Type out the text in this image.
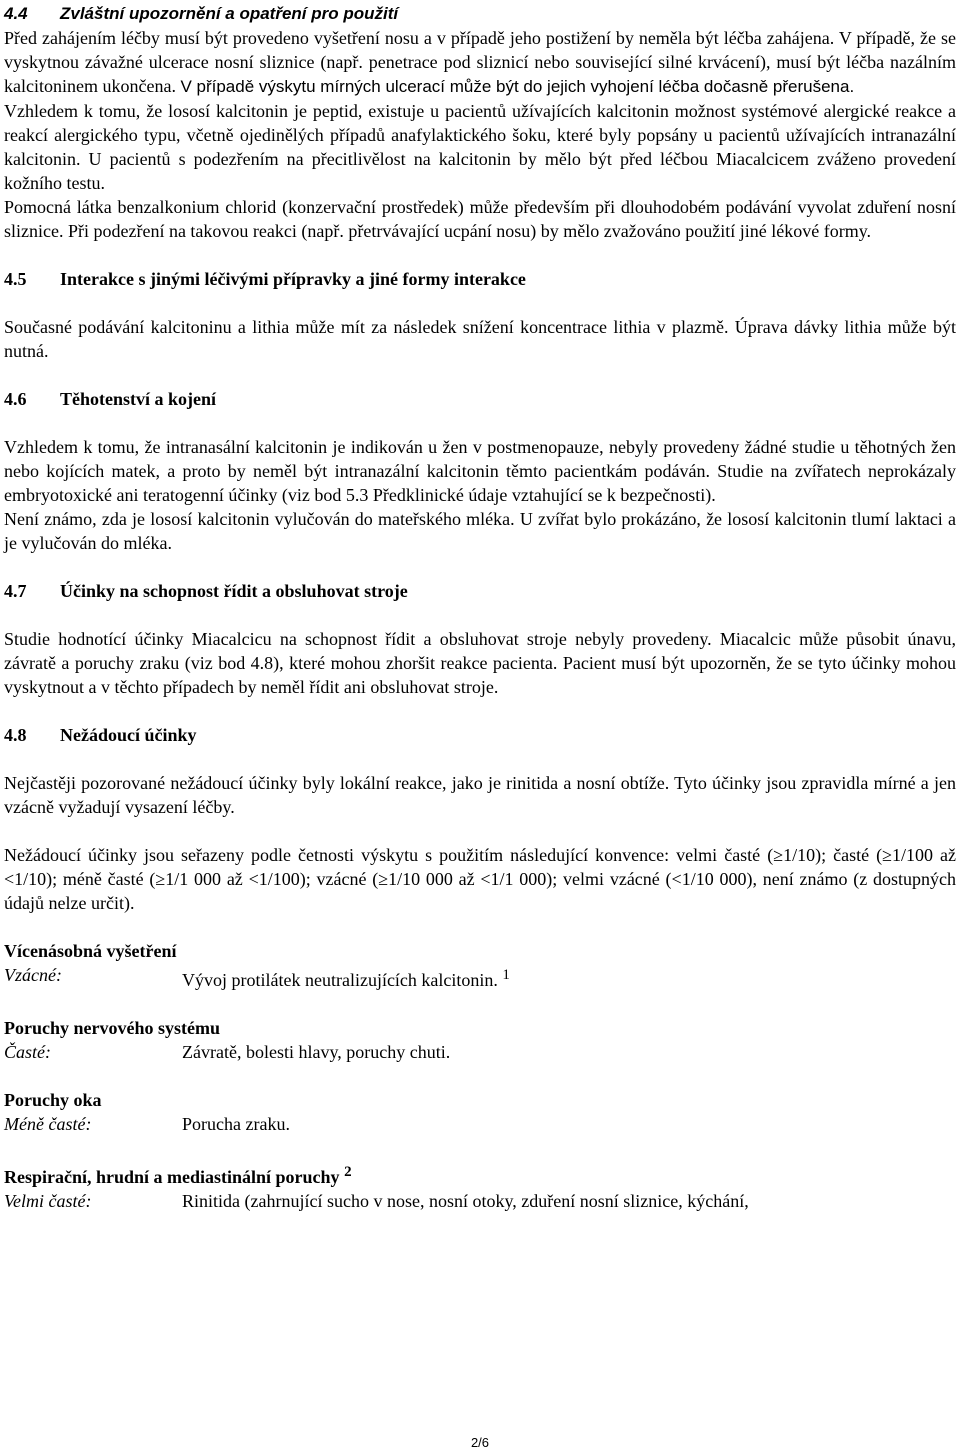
4.4	Zvláštní upozornění a opatření pro použití

Před zahájením léčby musí být provedeno vyšetření nosu a v případě jeho postižení by neměla být léčba zahájena. V případě, že se vyskytnou závažné ulcerace nosní sliznice (např. penetrace pod sliznicí nebo související silné krvácení), musí být léčba nazálním kalcitoninem ukončena. V případě výskytu mírných ulcerací může být do jejich vyhojení léčba dočasně přerušena.

Vzhledem k tomu, že lososí kalcitonin je peptid, existuje u pacientů užívajících kalcitonin možnost systémové alergické reakce a reakcí alergického typu, včetně ojedinělých případů anafylaktického šoku, které byly popsány u pacientů užívajících intranazální kalcitonin. U pacientů s podezřením na přecitlivělost na kalcitonin by mělo být před léčbou Miacalcicem zváženo provedení kožního testu.

Pomocná látka benzalkonium chlorid (konzervační prostředek) může především při dlouhodobém podávání vyvolat zduření nosní sliznice. Při podezření na takovou reakci (např. přetrvávající ucpání nosu) by mělo zvažováno použití jiné lékové formy.

4.5	Interakce s jinými léčivými přípravky a jiné formy interakce

Současné podávání kalcitoninu a lithia může mít za následek snížení koncentrace lithia v plazmě. Úprava dávky lithia může být nutná.

4.6	Těhotenství a kojení

Vzhledem k tomu, že intranasální kalcitonin je indikován u žen v postmenopauze, nebyly provedeny žádné studie u těhotných žen nebo kojících matek, a proto by neměl být intranazální kalcitonin těmto pacientkám podáván. Studie na zvířatech neprokázaly embryotoxické ani teratogenní účinky (viz bod 5.3 Předklinické údaje vztahující se k bezpečnosti).

Není známo, zda je lososí kalcitonin vylučován do mateřského mléka. U zvířat bylo prokázáno, že lososí kalcitonin tlumí laktaci a je vylučován do mléka.

4.7	Účinky na schopnost řídit a obsluhovat stroje

Studie hodnotící účinky Miacalcicu na schopnost řídit a obsluhovat stroje nebyly provedeny. Miacalcic může působit únavu, závratě a poruchy zraku (viz bod 4.8), které mohou zhoršit reakce pacienta. Pacient musí být upozorněn, že se tyto účinky mohou vyskytnout a v těchto případech by neměl řídit ani obsluhovat stroje.

4.8	Nežádoucí účinky

Nejčastěji pozorované nežádoucí účinky byly lokální reakce, jako je rinitida a nosní obtíže. Tyto účinky jsou zpravidla mírné a jen vzácně vyžadují vysazení léčby.

Nežádoucí účinky jsou seřazeny podle četnosti výskytu s použitím následující konvence: velmi časté (≥1/10); časté (≥1/100 až <1/10); méně časté (≥1/1 000 až <1/100); vzácné (≥1/10 000 až <1/1 000); velmi vzácné (<1/10 000), není známo (z dostupných údajů nelze určit).

Vícenásobná vyšetření
Vzácné:	Vývoj protilátek neutralizujících kalcitonin. $^1$
Poruchy nervového systému
Časté:	Závratě, bolesti hlavy, poruchy chuti.
Poruchy oka
Méně časté:	Porucha zraku.
Respirační, hrudní a mediastinální poruchy $^2$
Velmi časté:	Rinitida (zahrnující sucho v nose, nosní otoky, zduření nosní sliznice, kýchání,
2/6
